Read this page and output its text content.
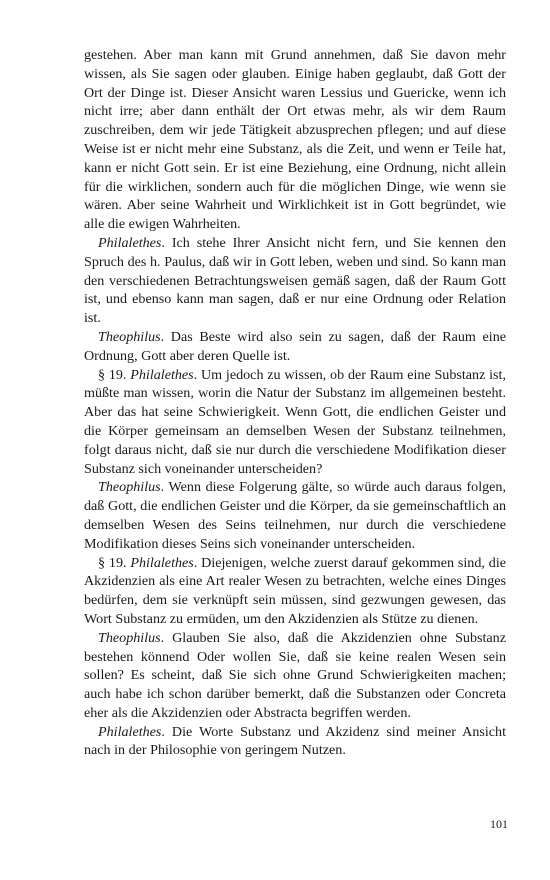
gestehen. Aber man kann mit Grund annehmen, daß Sie davon mehr wissen, als Sie sagen oder glauben. Einige haben geglaubt, daß Gott der Ort der Dinge ist. Dieser Ansicht waren Lessius und Guericke, wenn ich nicht irre; aber dann enthält der Ort etwas mehr, als wir dem Raum zuschreiben, dem wir jede Tätigkeit abzusprechen pflegen; und auf diese Weise ist er nicht mehr eine Substanz, als die Zeit, und wenn er Teile hat, kann er nicht Gott sein. Er ist eine Beziehung, eine Ordnung, nicht allein für die wirklichen, sondern auch für die möglichen Dinge, wie wenn sie wären. Aber seine Wahrheit und Wirklichkeit ist in Gott begründet, wie alle die ewigen Wahrheiten.

Philalethes. Ich stehe Ihrer Ansicht nicht fern, und Sie kennen den Spruch des h. Paulus, daß wir in Gott leben, weben und sind. So kann man den verschiedenen Betrachtungsweisen gemäß sagen, daß der Raum Gott ist, und ebenso kann man sagen, daß er nur eine Ordnung oder Relation ist.

Theophilus. Das Beste wird also sein zu sagen, daß der Raum eine Ordnung, Gott aber deren Quelle ist.

§ 19. Philalethes. Um jedoch zu wissen, ob der Raum eine Substanz ist, müßte man wissen, worin die Natur der Substanz im allgemeinen besteht. Aber das hat seine Schwierigkeit. Wenn Gott, die endlichen Geister und die Körper gemeinsam an demselben Wesen der Substanz teilnehmen, folgt daraus nicht, daß sie nur durch die verschiedene Modifikation dieser Substanz sich voneinander unterscheiden?

Theophilus. Wenn diese Folgerung gälte, so würde auch daraus folgen, daß Gott, die endlichen Geister und die Körper, da sie gemeinschaftlich an demselben Wesen des Seins teilnehmen, nur durch die verschiedene Modifikation dieses Seins sich voneinander unterscheiden.

§ 19. Philalethes. Diejenigen, welche zuerst darauf gekommen sind, die Akzidenzien als eine Art realer Wesen zu betrachten, welche eines Dinges bedürfen, dem sie verknüpft sein müssen, sind gezwungen gewesen, das Wort Substanz zu ermüden, um den Akzidenzien als Stütze zu dienen.

Theophilus. Glauben Sie also, daß die Akzidenzien ohne Substanz bestehen könnend Oder wollen Sie, daß sie keine realen Wesen sein sollen? Es scheint, daß Sie sich ohne Grund Schwierigkeiten machen; auch habe ich schon darüber bemerkt, daß die Substanzen oder Concreta eher als die Akzidenzien oder Abstracta begriffen werden.

Philalethes. Die Worte Substanz und Akzidenz sind meiner Ansicht nach in der Philosophie von geringem Nutzen.

101
